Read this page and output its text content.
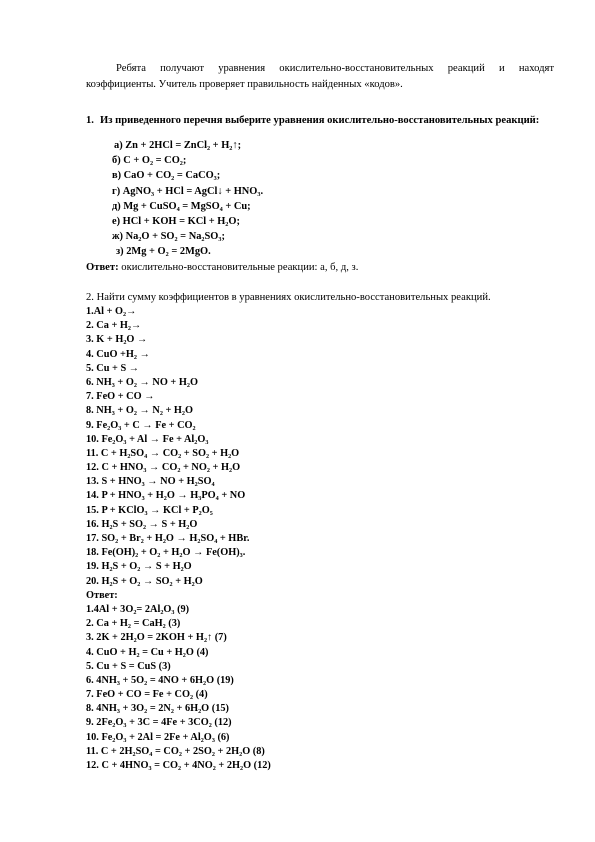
Ребята получают уравнения окислительно-восстановительных реакций и находят коэффициенты. Учитель проверяет правильность найденных «кодов».
1. Из приведенного перечня выберите уравнения окислительно-восстановительных реакций:
а) Zn + 2HCl = ZnCl₂ + H₂↑;
б) C + O₂ = CO₂;
в) CaO + CO₂ = CaCO₃;
г) AgNO₃ + HCl = AgCl↓ + HNO₃.
д) Mg + CuSO₄ = MgSO₄ + Cu;
е) HCl + KOH = KCl + H₂O;
ж) Na₂O + SO₂ = Na₂SO₃;
з) 2Mg + O₂ = 2MgO.
Ответ: окислительно-восстановительные реакции: а, б, д, з.
2. Найти сумму коэффициентов в уравнениях окислительно-восстановительных реакций.
1.Al + O₂→
2. Ca + H₂→
3. K + H₂O →
4. CuO +H₂ →
5. Cu + S →
6. NH₃ + O₂ → NO + H₂O
7. FeO + CO →
8. NH₃ + O₂ → N₂ + H₂O
9. Fe₂O₃ + C → Fe + CO₂
10. Fe₂O₃ + Al → Fe + Al₂O₃
11. C + H₂SO₄ → CO₂ + SO₂ + H₂O
12. C + HNO₃ → CO₂ + NO₂ + H₂O
13. S + HNO₃ → NO + H₂SO₄
14. P + HNO₃ + H₂O → H₃PO₄ + NO
15. P + KClO₃ → KCl + P₂O₅
16. H₂S + SO₂ → S + H₂O
17. SO₂ + Br₂ + H₂O → H₂SO₄ + HBr.
18. Fe(OH)₂ + O₂ + H₂O → Fe(OH)₃.
19. H₂S + O₂ → S + H₂O
20. H₂S + O₂ → SO₂ + H₂O
Ответ:
1.4Al + 3O₂= 2Al₂O₃ (9)
2. Ca + H₂ = CaH₂ (3)
3. 2K + 2H₂O = 2KOH + H₂↑ (7)
4. CuO + H₂ = Cu + H₂O (4)
5. Cu + S = CuS (3)
6. 4NH₃ + 5O₂ = 4NO + 6H₂O (19)
7. FeO + CO = Fe + CO₂ (4)
8. 4NH₃ + 3O₂ = 2N₂ + 6H₂O (15)
9. 2Fe₂O₃ + 3C = 4Fe + 3CO₂ (12)
10. Fe₂O₃ + 2Al = 2Fe + Al₂O₃ (6)
11. C + 2H₂SO₄ = CO₂ + 2SO₂ + 2H₂O (8)
12. C + 4HNO₃ = CO₂ + 4NO₂ + 2H₂O (12)
